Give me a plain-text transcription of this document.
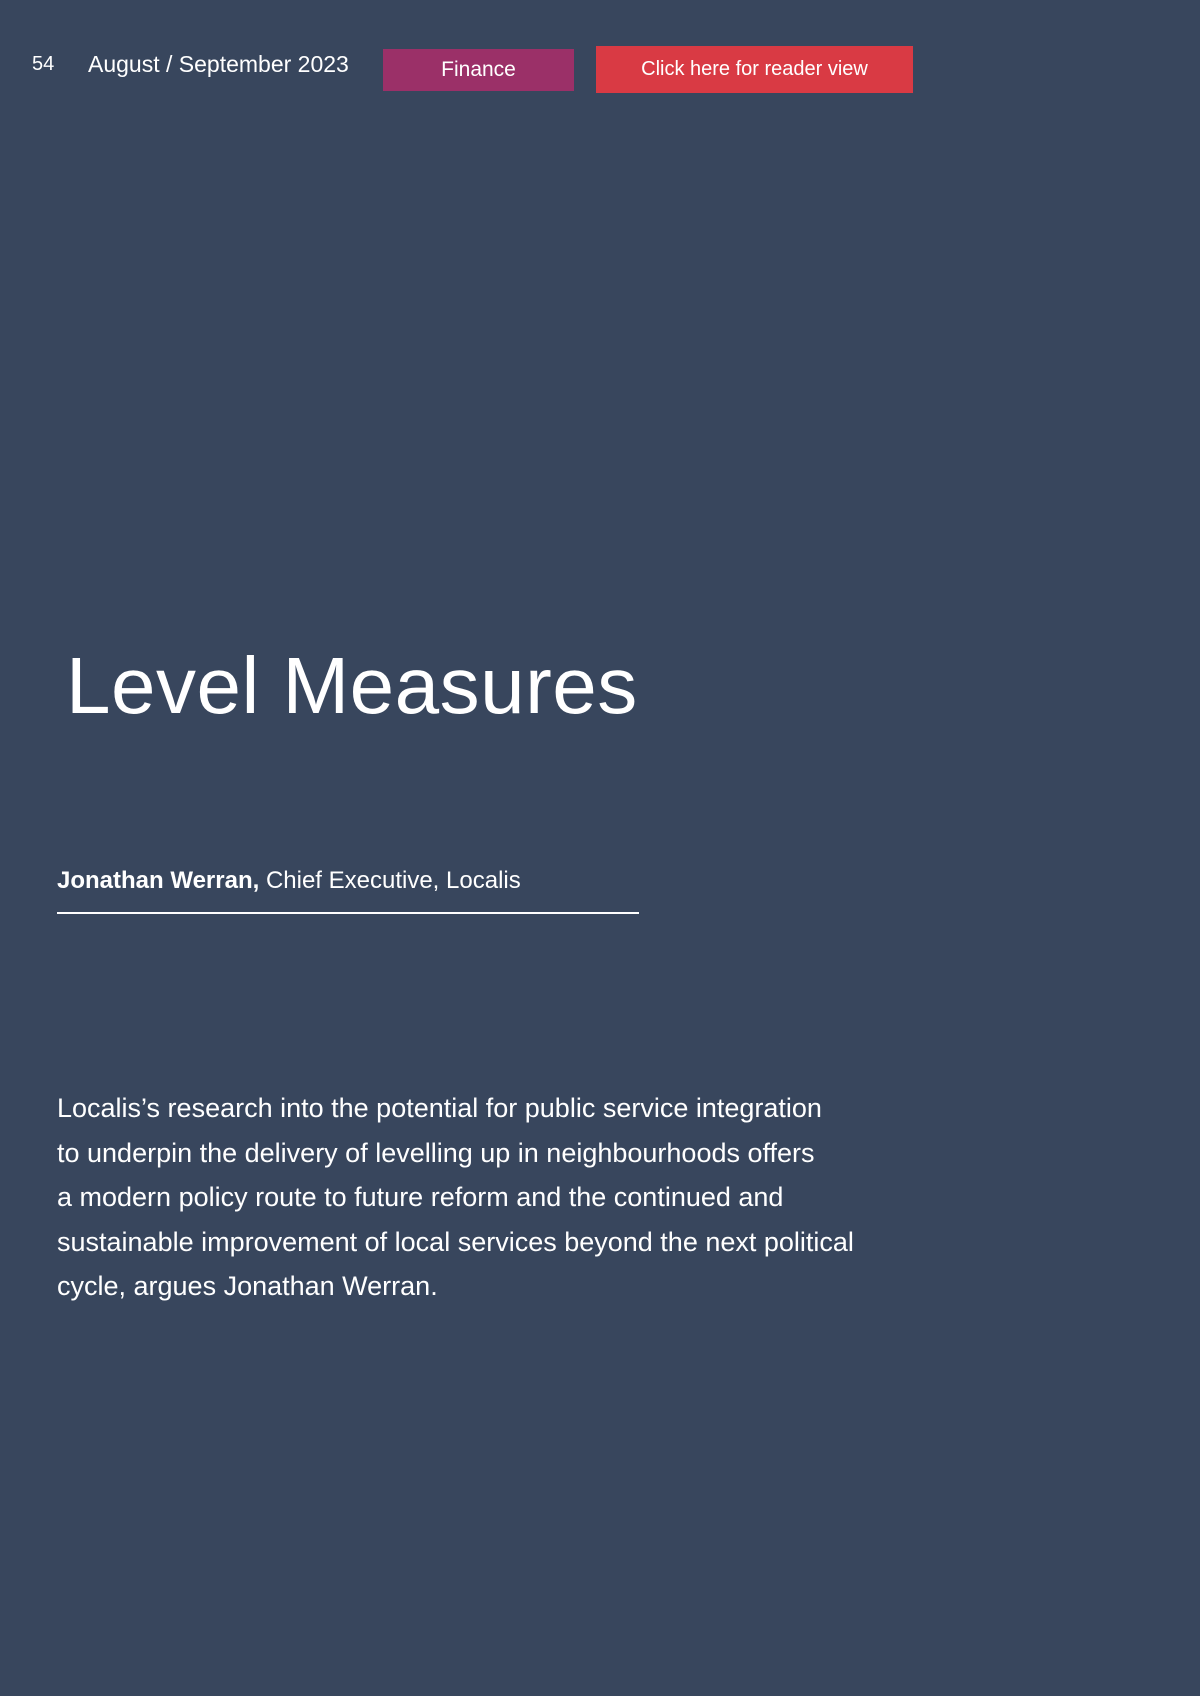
54 August / September 2023	Finance	Click here for reader view
Level Measures
Jonathan Werran, Chief Executive, Localis

Localis’s research into the potential for public service integration
to underpin the delivery of levelling up in neighbourhoods offers
a modern policy route to future reform and the continued and
sustainable improvement of local services beyond the next political
cycle, argues Jonathan Werran.
